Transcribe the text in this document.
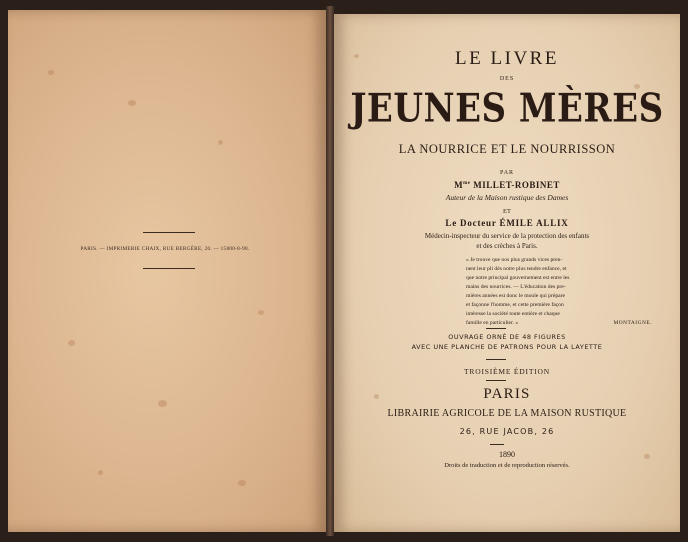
PARIS. — IMPRIMERIE CHAIX, RUE BERGÈRE, 20. — 15800-8-90.
LE LIVRE
DES
JEUNES MÈRES
LA NOURRICE ET LE NOURRISSON
PAR
$M^{me}$ MILLET-ROBINET
Auteur de la Maison rustique des Dames
ET
Le Docteur ÉMILE ALLIX
Médecin-inspecteur du service de la protection des enfants
et des crèches à Paris.
« Je trouve que nos plus grands vices pren-
nent leur pli dès notre plus tendre enfance, et
que notre principal gouvernement est entre les
mains des nourrices. — L'éducation des pre-
mières années est donc le moule qui prépare
et façonne l'homme, et cette première façon
intéresse la société toute entière et chaque
famille en particulier. »	MONTAIGNE.
OUVRAGE ORNÉ DE 48 FIGURES
AVEC UNE PLANCHE DE PATRONS POUR LA LAYETTE
TROISIÈME ÉDITION
PARIS
LIBRAIRIE AGRICOLE DE LA MAISON RUSTIQUE
26, RUE JACOB, 26
1890
Droits de traduction et de reproduction réservés.
